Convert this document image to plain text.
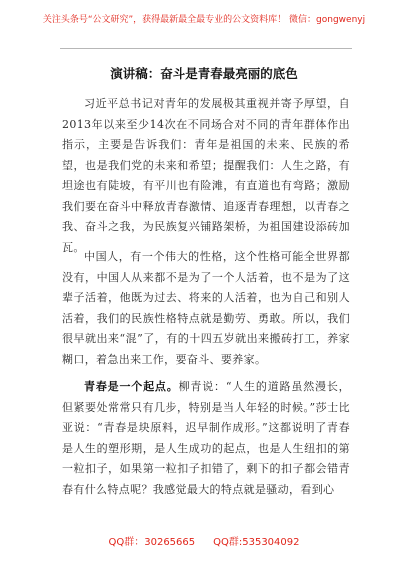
关注头条号“公文研究”，获得最新最全最专业的公文资料库！ 微信：gongwenyj
演讲稿：奋斗是青春最亮丽的底色

习近平总书记对青年的发展极其重视并寄予厚望，自2013年以来至少14次在不同场合对不同的青年群体作出指示，主要是告诉我们：青年是祖国的未来、民族的希望，也是我们党的未来和希望；提醒我们：人生之路，有坦途也有陡坡，有平川也有险滩，有直道也有弯路；激励我们要在奋斗中释放青春激情、追逐青春理想，以青春之我、奋斗之我，为民族复兴铺路架桥，为祖国建设添砖加瓦。

中国人，有一个伟大的性格，这个性格可能全世界都没有，中国人从来都不是为了一个人活着，也不是为了这辈子活着，他既为过去、将来的人活着，也为自己和别人活着，我们的民族性格特点就是勤劳、勇敢。所以，我们很早就出来“混”了，有的十四五岁就出来搬砖打工，养家糊口，着急出来工作，要奋斗、要养家。

青春是一个起点。柳青说：“人生的道路虽然漫长，但紧要处常常只有几步，特别是当人年轻的时候。”莎士比亚说：“青春是块原料，迟早制作成形。”这都说明了青春是人生的塑形期，是人生成功的起点，也是人生纽扣的第一粒扣子，如果第一粒扣子扣错了，剩下的扣子都会错青春有什么特点呢？我感觉最大的特点就是骚动，看到心

QQ群：30265665 QQ群:535304092
